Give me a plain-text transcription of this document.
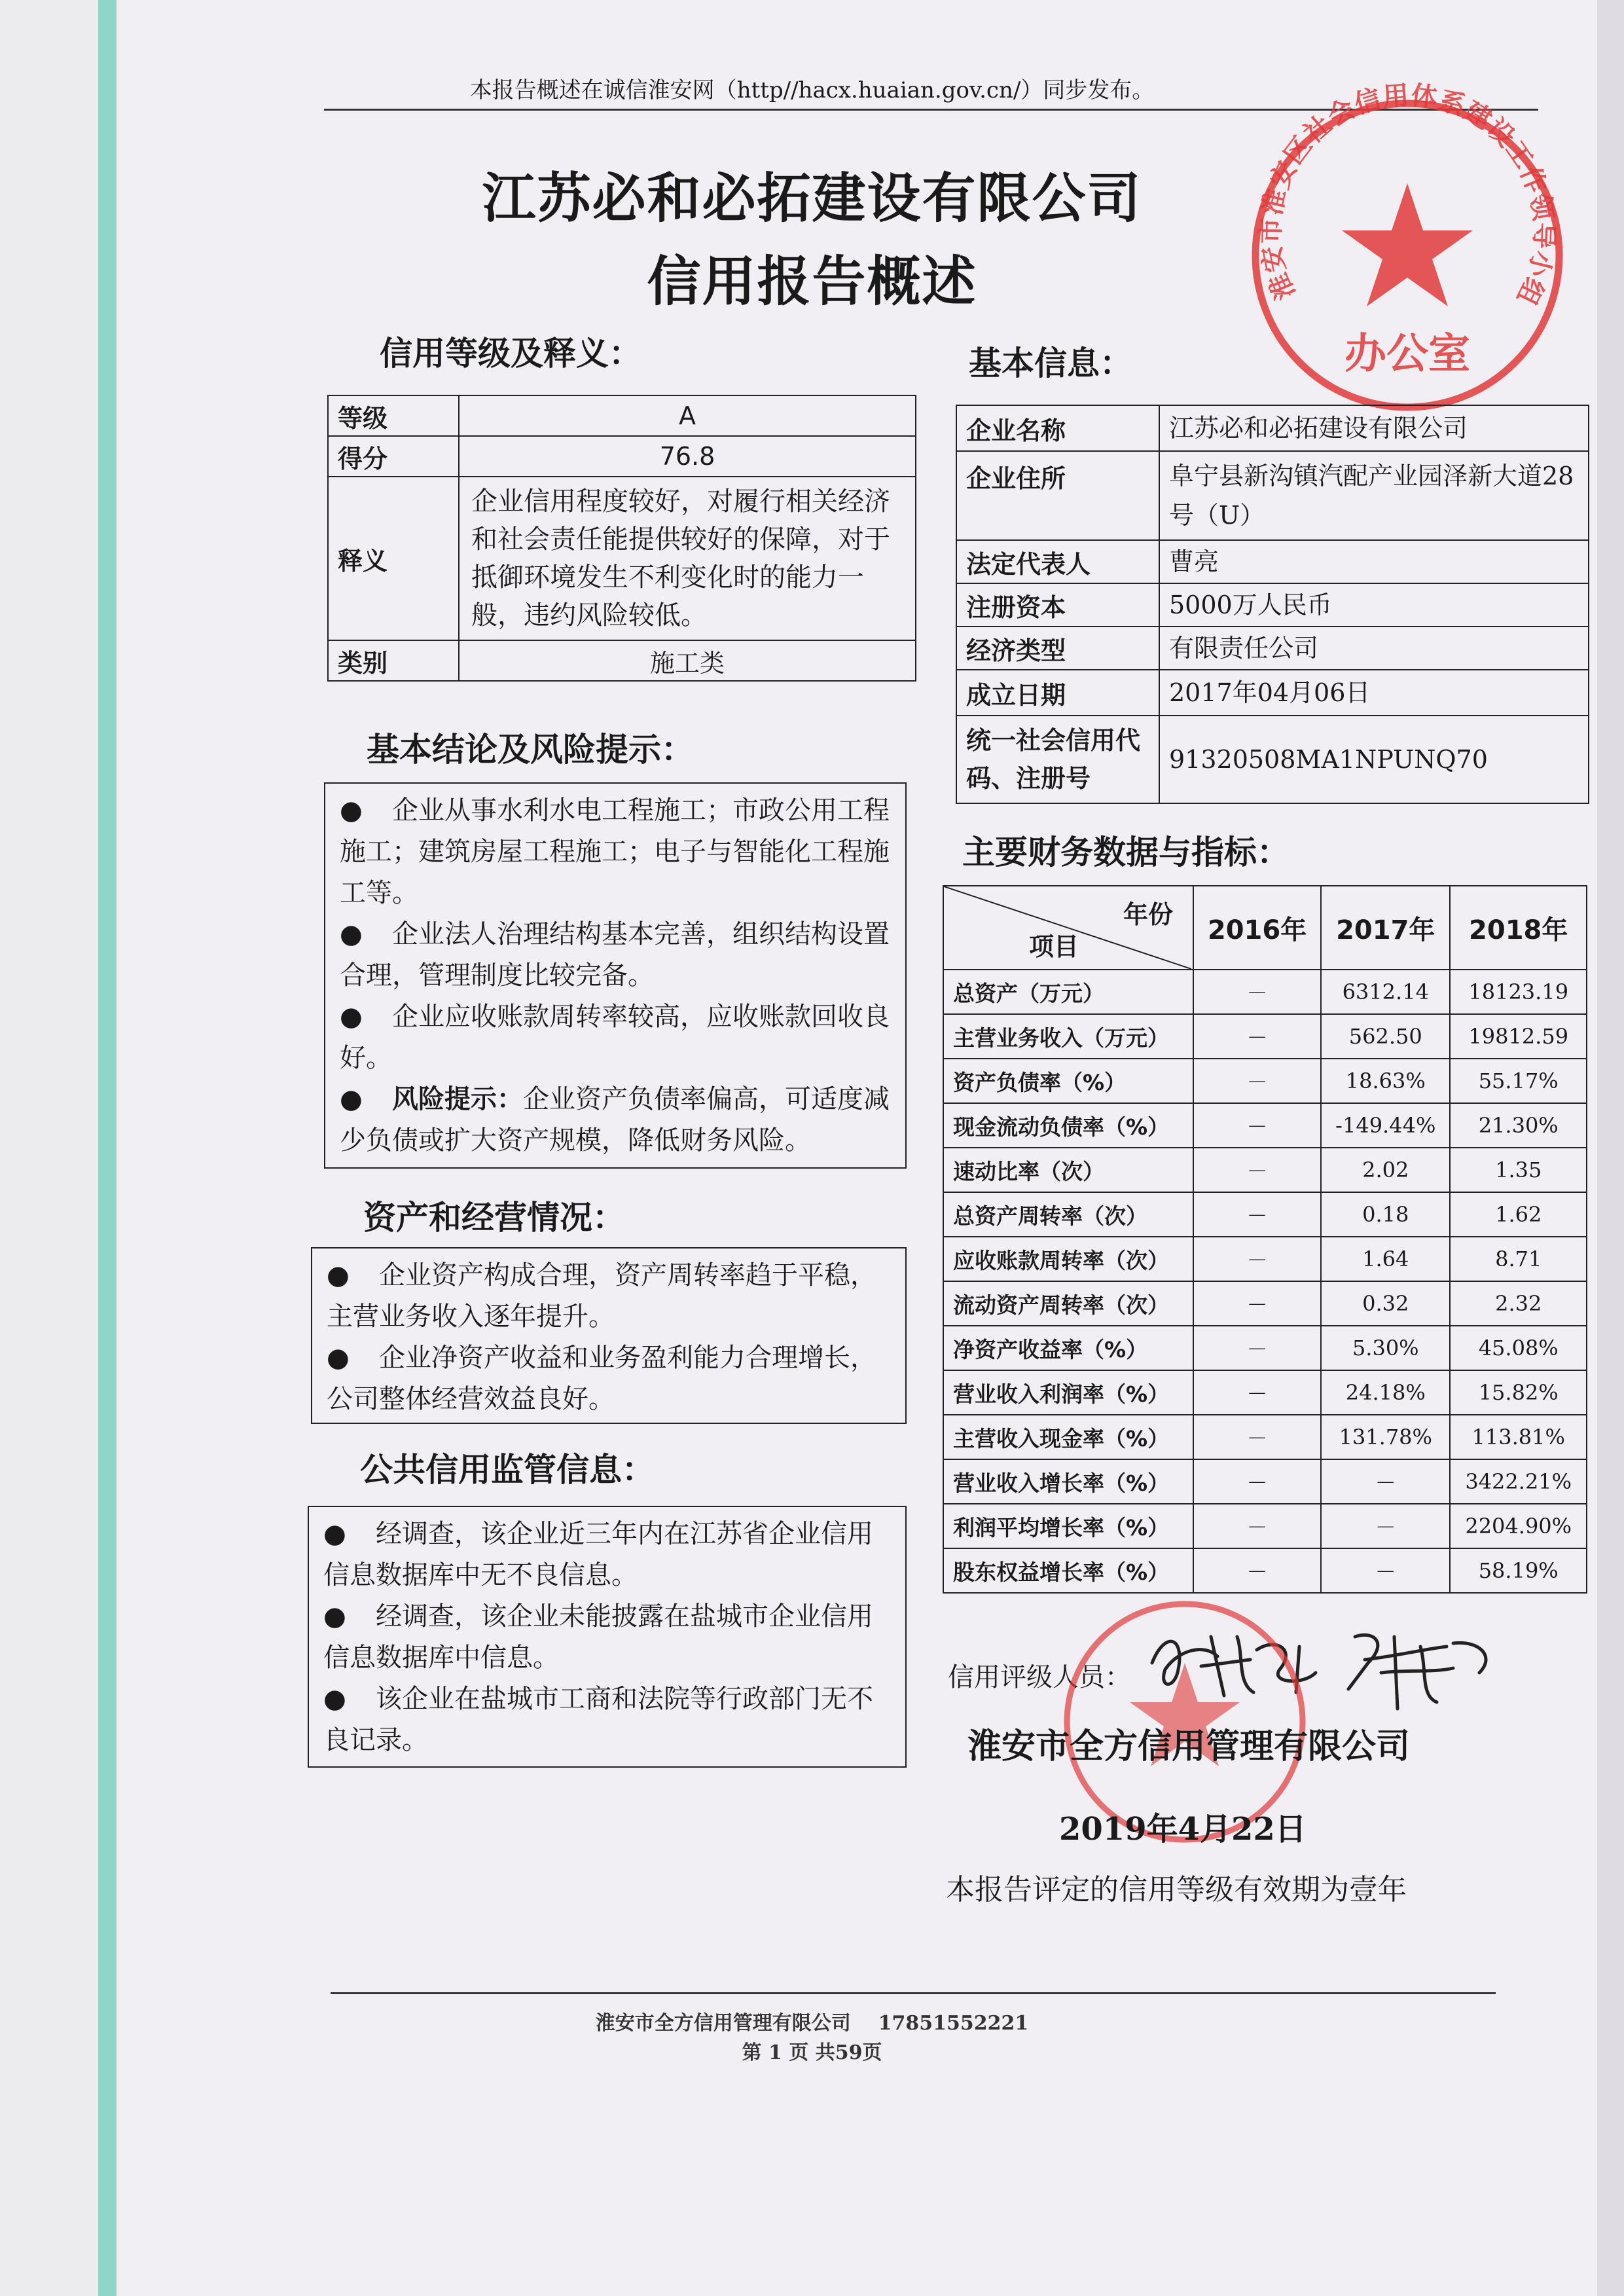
本报告概述在诚信淮安网（http//hacx.huaian.gov.cn/）同步发布。
江苏必和必拓建设有限公司
信用报告概述	淮安市淮安区社会信用体系建设工作领导小组
办公室
信用等级及释义：
等级	A
得分	76.8
释义	企业信用程度较好，对履行相关经济和社会责任能提供较好的保障，对于抵御环境发生不利变化时的能力一般，违约风险较低。
类别	施工类
基本结论及风险提示：

● 企业从事水利水电工程施工；市政公用工程施工；建筑房屋工程施工；电子与智能化工程施工等。

● 企业法人治理结构基本完善，组织结构设置合理，管理制度比较完备。

● 企业应收账款周转率较高，应收账款回收良好。

● 风险提示：企业资产负债率偏高，可适度减少负债或扩大资产规模，降低财务风险。

资产和经营情况：

● 企业资产构成合理，资产周转率趋于平稳，主营业务收入逐年提升。

● 企业净资产收益和业务盈利能力合理增长，公司整体经营效益良好。

公共信用监管信息：

● 经调查，该企业近三年内在江苏省企业信用信息数据库中无不良信息。

● 经调查，该企业未能披露在盐城市企业信用信息数据库中信息。

● 该企业在盐城市工商和法院等行政部门无不良记录。

基本信息：
企业名称	江苏必和必拓建设有限公司
企业住所	阜宁县新沟镇汽配产业园泽新大道28号（U）
法定代表人	曹亮
注册资本	5000万人民币
经济类型	有限责任公司
成立日期	2017年04月06日
统一社会信用代码、注册号	91320508MA1NPUNQ70
主要财务数据与指标：
年份
项目	2016年	2017年	2018年
总资产（万元）	－	6312.14	18123.19
主营业务收入（万元）	－	562.50	19812.59
资产负债率（%）	－	18.63%	55.17%
现金流动负债率（%）	－	-149.44%	21.30%
速动比率（次）	－	2.02	1.35
总资产周转率（次）	－	0.18	1.62
应收账款周转率（次）	－	1.64	8.71
流动资产周转率（次）	－	0.32	2.32
净资产收益率（%）	－	5.30%	45.08%
营业收入利润率（%）	－	24.18%	15.82%
主营收入现金率（%）	－	131.78%	113.81%
营业收入增长率（%）	－	－	3422.21%
利润平均增长率（%）	－	－	2204.90%
股东权益增长率（%）	－	－	58.19%
信用评级人员：
淮安市全方信用管理有限公司
2019年4月22日
本报告评定的信用等级有效期为壹年
淮安市全方信用管理有限公司 17851552221
第 1 页 共59页
